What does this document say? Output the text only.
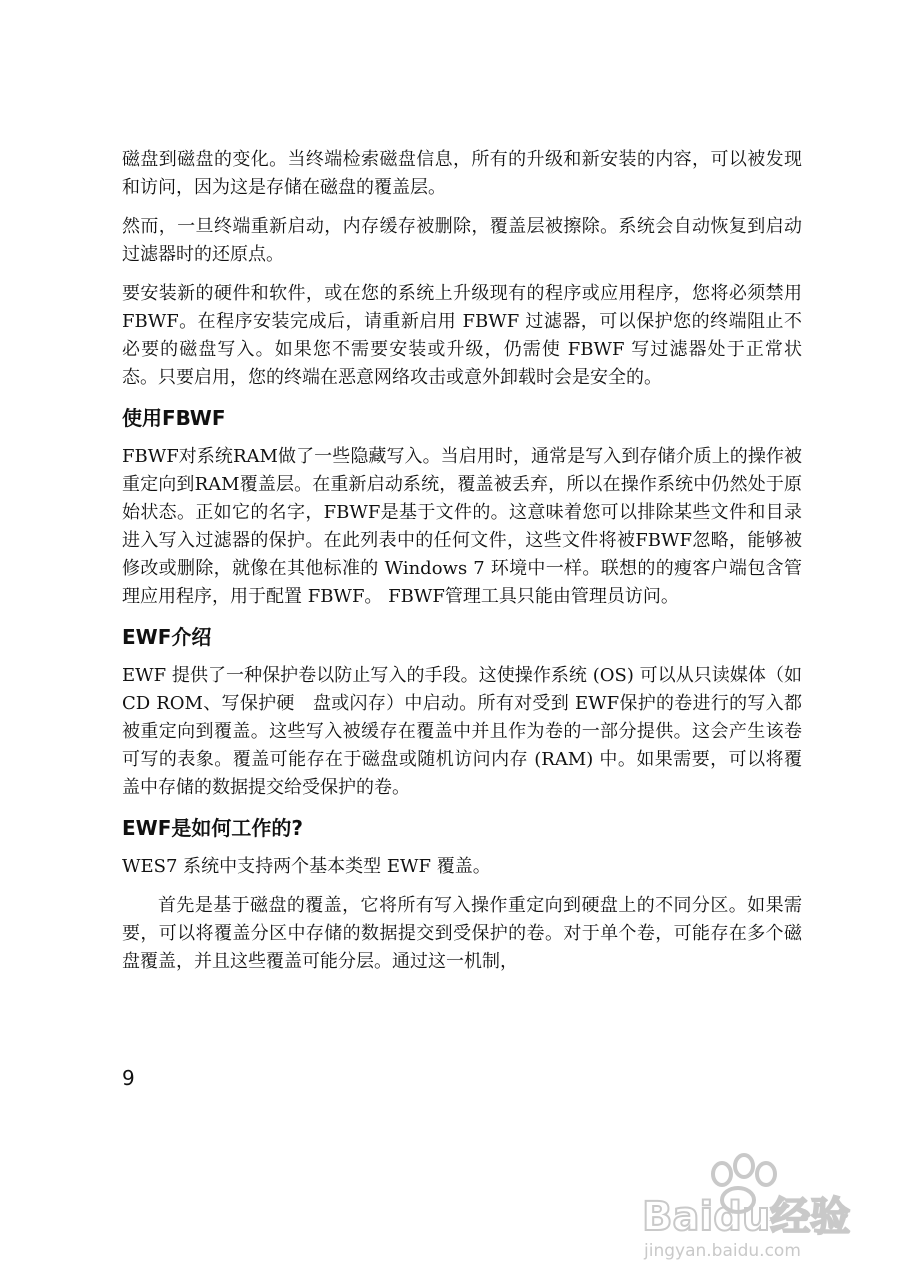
磁盘到磁盘的变化。当终端检索磁盘信息，所有的升级和新安装的内容，可以被发现和访问，因为这是存储在磁盘的覆盖层。

然而，一旦终端重新启动，内存缓存被删除，覆盖层被擦除。系统会自动恢复到启动过滤器时的还原点。

要安装新的硬件和软件，或在您的系统上升级现有的程序或应用程序，您将必须禁用 FBWF。在程序安装完成后，请重新启用 FBWF 过滤器，可以保护您的终端阻止不必要的磁盘写入。如果您不需要安装或升级，仍需使 FBWF 写过滤器处于正常状态。只要启用，您的终端在恶意网络攻击或意外卸载时会是安全的。

使用FBWF

FBWF对系统RAM做了一些隐藏写入。当启用时，通常是写入到存储介质上的操作被重定向到RAM覆盖层。在重新启动系统，覆盖被丢弃，所以在操作系统中仍然处于原始状态。正如它的名字，FBWF是基于文件的。这意味着您可以排除某些文件和目录进入写入过滤器的保护。在此列表中的任何文件，这些文件将被FBWF忽略，能够被修改或删除，就像在其他标准的 Windows 7 环境中一样。联想的的瘦客户端包含管理应用程序，用于配置 FBWF。 FBWF管理工具只能由管理员访问。

EWF介绍

EWF 提供了一种保护卷以防止写入的手段。这使操作系统 (OS) 可以从只读媒体（如 CD ROM、写保护硬　盘或闪存）中启动。所有对受到 EWF保护的卷进行的写入都被重定向到覆盖。这些写入被缓存在覆盖中并且作为卷的一部分提供。这会产生该卷可写的表象。覆盖可能存在于磁盘或随机访问内存 (RAM) 中。如果需要，可以将覆盖中存储的数据提交给受保护的卷。

EWF是如何工作的?

WES7 系统中支持两个基本类型 EWF 覆盖。

首先是基于磁盘的覆盖，它将所有写入操作重定向到硬盘上的不同分区。如果需要，可以将覆盖分区中存储的数据提交到受保护的卷。对于单个卷，可能存在多个磁盘覆盖，并且这些覆盖可能分层。通过这一机制，

9
Baidu经验
jingyan.baidu.com
